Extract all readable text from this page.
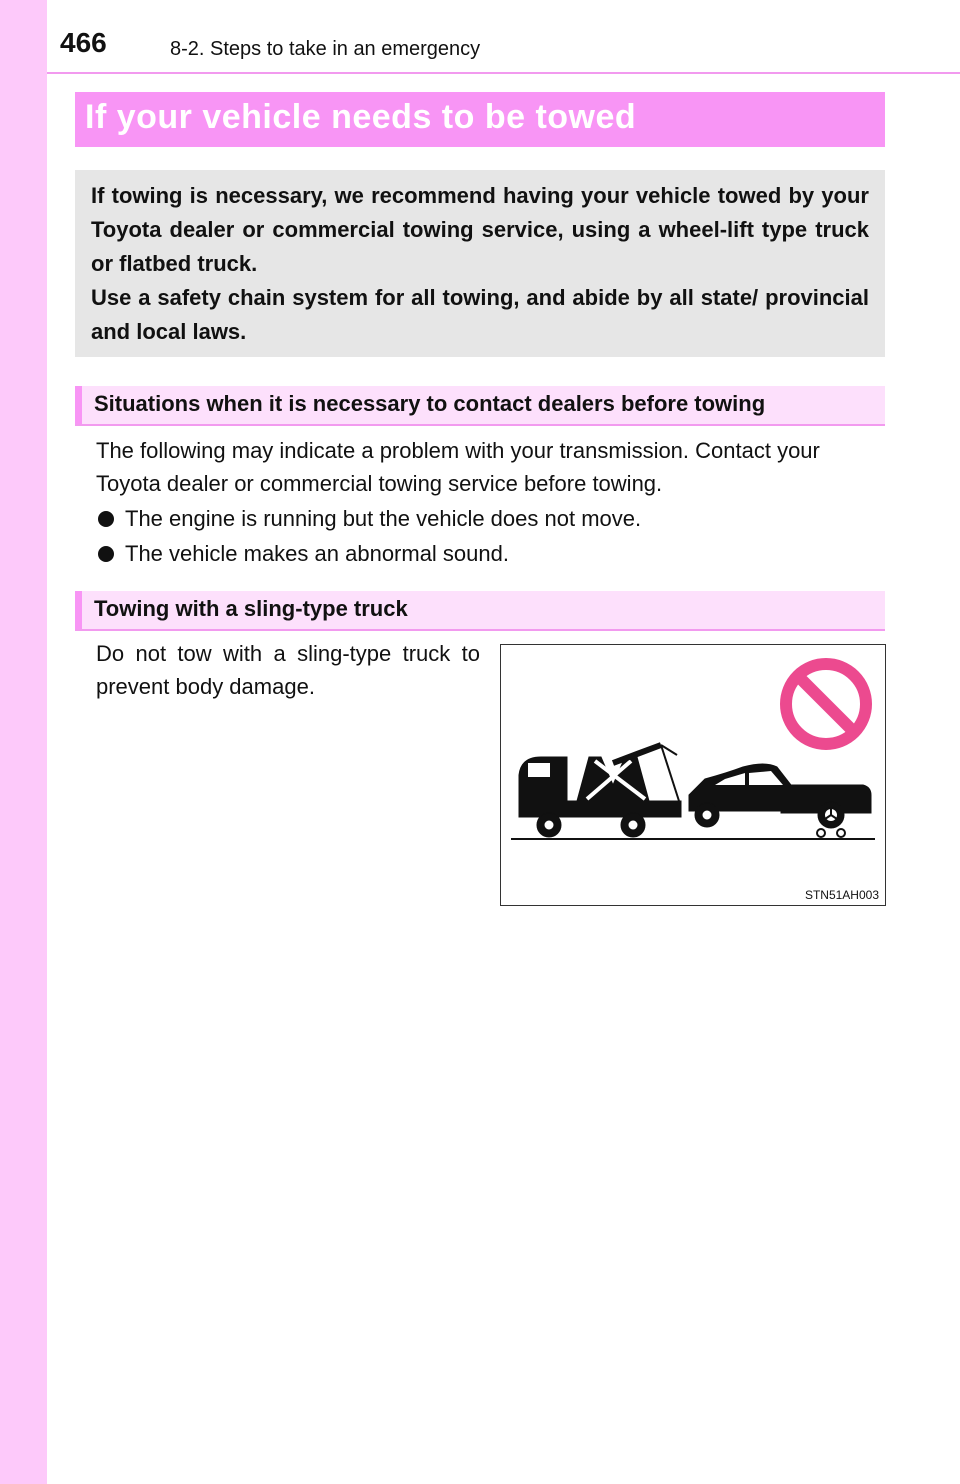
466	8-2. Steps to take in an emergency
If your vehicle needs to be towed

If towing is necessary, we recommend having your vehicle towed by your Toyota dealer or commercial towing service, using a wheel-lift type truck or flatbed truck.

Use a safety chain system for all towing, and abide by all state/ provincial and local laws.

Situations when it is necessary to contact dealers before towing
The following may indicate a problem with your transmission. Contact your Toyota dealer or commercial towing service before towing.
The engine is running but the vehicle does not move.
The vehicle makes an abnormal sound.
Towing with a sling-type truck
Do not tow with a sling-type truck to prevent body damage.
STN51AH003
